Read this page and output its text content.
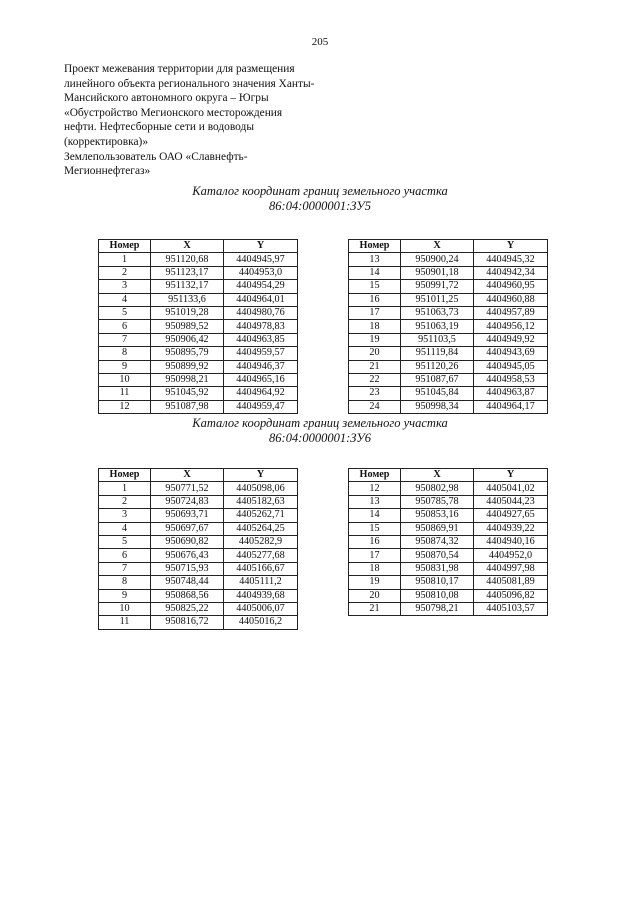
205
Проект межевания территории для размещения
линейного объекта регионального значения Ханты-
Мансийского автономного округа – Югры
«Обустройство Мегионского месторождения
нефти. Нефтесборные сети и водоводы
(корректировка)»
Землепользователь ОАО «Славнефть-
Мегионнефтегаз»
Каталог координат границ земельного участка
86:04:0000001:ЗУ5
Номер	X	Y
1	951120,68	4404945,97
2	951123,17	4404953,0
3	951132,17	4404954,29
4	951133,6	4404964,01
5	951019,28	4404980,76
6	950989,52	4404978,83
7	950906,42	4404963,85
8	950895,79	4404959,57
9	950899,92	4404946,37
10	950998,21	4404965,16
11	951045,92	4404964,92
12	951087,98	4404959,47
Номер	X	Y
13	950900,24	4404945,32
14	950901,18	4404942,34
15	950991,72	4404960,95
16	951011,25	4404960,88
17	951063,73	4404957,89
18	951063,19	4404956,12
19	951103,5	4404949,92
20	951119,84	4404943,69
21	951120,26	4404945,05
22	951087,67	4404958,53
23	951045,84	4404963,87
24	950998,34	4404964,17
Каталог координат границ земельного участка
86:04:0000001:ЗУ6
Номер	X	Y
1	950771,52	4405098,06
2	950724,83	4405182,63
3	950693,71	4405262,71
4	950697,67	4405264,25
5	950690,82	4405282,9
6	950676,43	4405277,68
7	950715,93	4405166,67
8	950748,44	4405111,2
9	950868,56	4404939,68
10	950825,22	4405006,07
11	950816,72	4405016,2
Номер	X	Y
12	950802,98	4405041,02
13	950785,78	4405044,23
14	950853,16	4404927,65
15	950869,91	4404939,22
16	950874,32	4404940,16
17	950870,54	4404952,0
18	950831,98	4404997,98
19	950810,17	4405081,89
20	950810,08	4405096,82
21	950798,21	4405103,57
